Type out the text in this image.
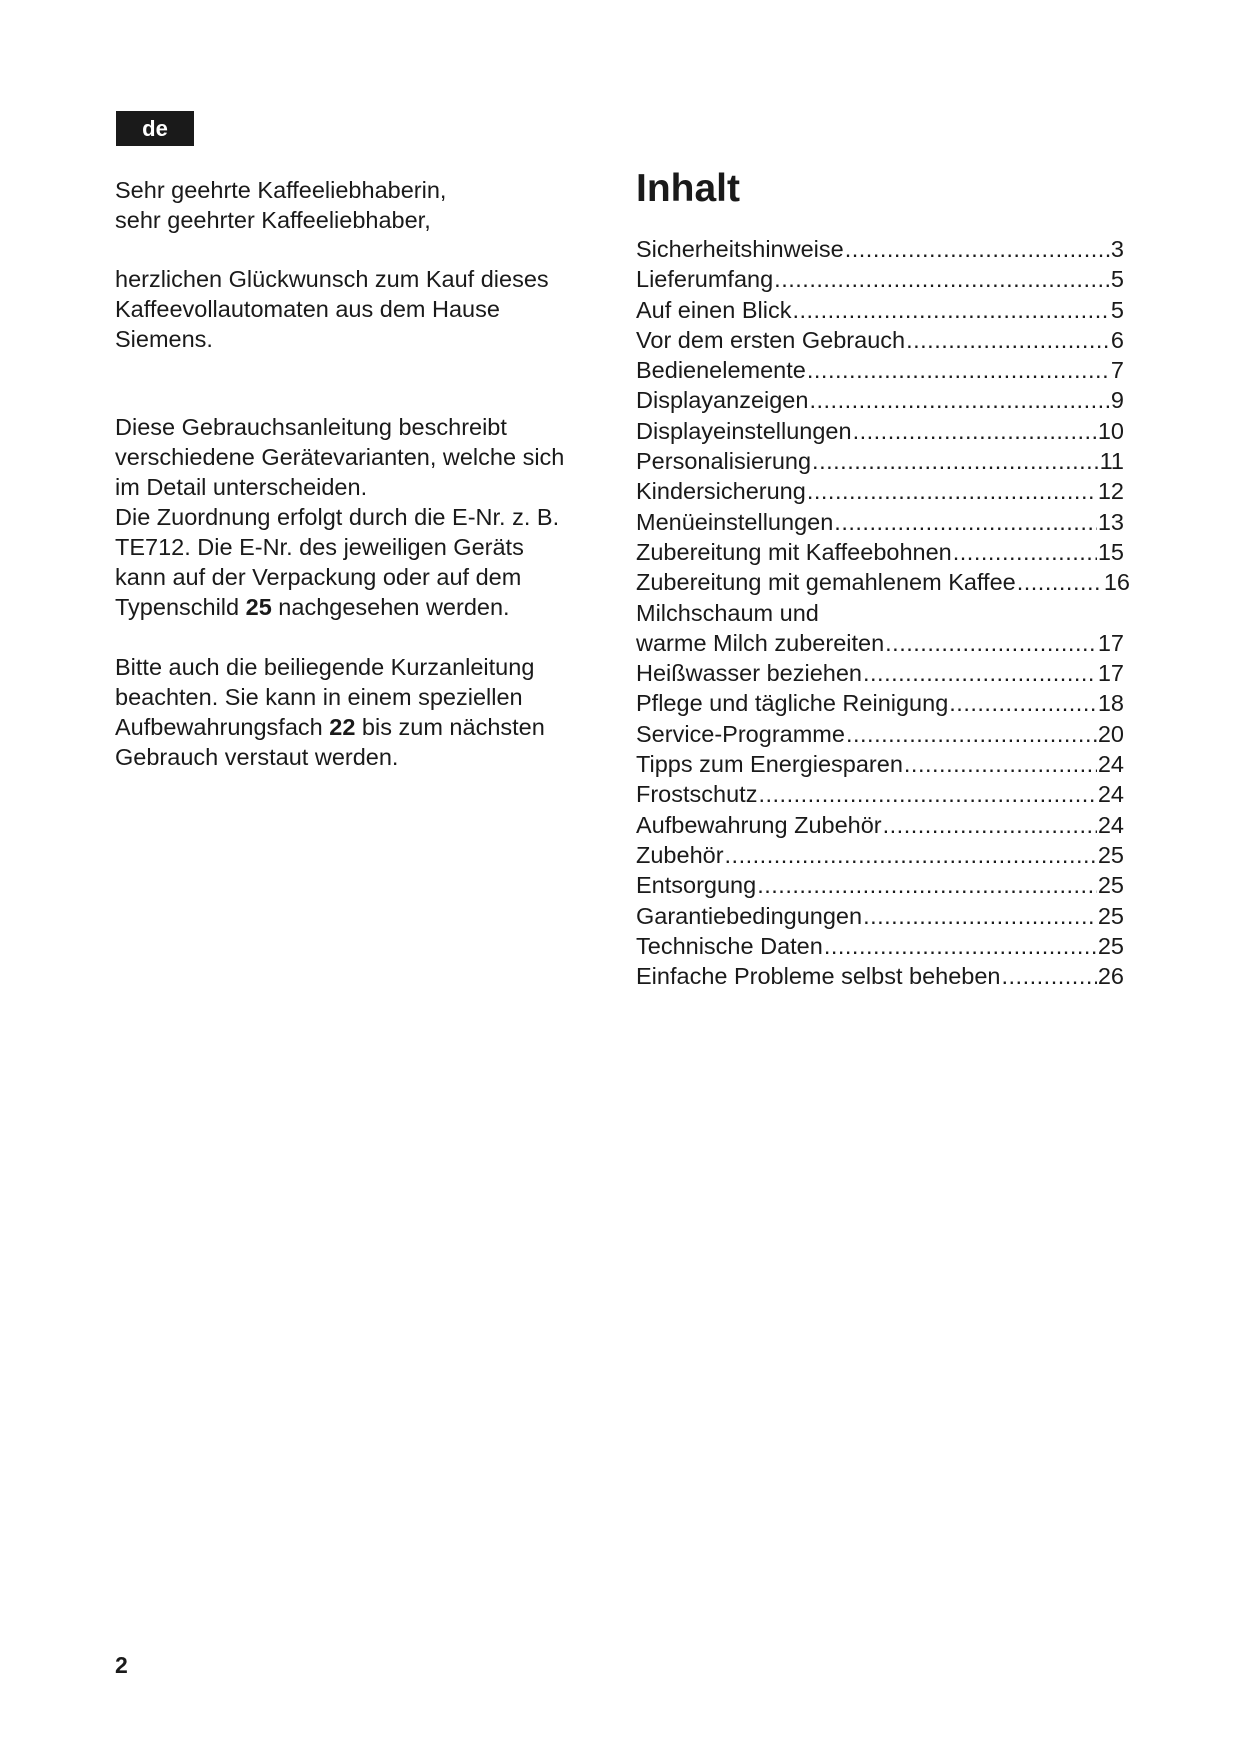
de

Sehr geehrte Kaffeeliebhaberin,
sehr geehrter Kaffeeliebhaber,

herzlichen Glückwunsch zum Kauf dieses
Kaffeevollautomaten aus dem Hause
Siemens.

Diese Gebrauchsanleitung beschreibt
verschiedene Gerätevarianten, welche sich
im Detail unterscheiden.
Die Zuordnung erfolgt durch die E-Nr. z. B.
TE712. Die E-Nr. des jeweiligen Geräts
kann auf der Verpackung oder auf dem
Typenschild 25 nachgesehen werden.

Bitte auch die beiliegende Kurzanleitung
beachten. Sie kann in einem speziellen
Aufbewahrungsfach 22 bis zum nächsten
Gebrauch verstaut werden.

Inhalt
Sicherheitshinweise .....	3
Lieferumfang .....	5
Auf einen Blick .....	5
Vor dem ersten Gebrauch .....	6
Bedienelemente .....	7
Displayanzeigen .....	9
Displayeinstellungen .....	10
Personalisierung .....	11
Kindersicherung .....	12
Menüeinstellungen .....	13
Zubereitung mit Kaffeebohnen .....	15
Zubereitung mit gemahlenem Kaffee .....	16
Milchschaum und
warme Milch zubereiten .....	17
Heißwasser beziehen .....	17
Pflege und tägliche Reinigung .....	18
Service-Programme .....	20
Tipps zum Energiesparen .....	24
Frostschutz .....	24
Aufbewahrung Zubehör .....	24
Zubehör .....	25
Entsorgung .....	25
Garantiebedingungen .....	25
Technische Daten .....	25
Einfache Probleme selbst beheben .....	26
2
